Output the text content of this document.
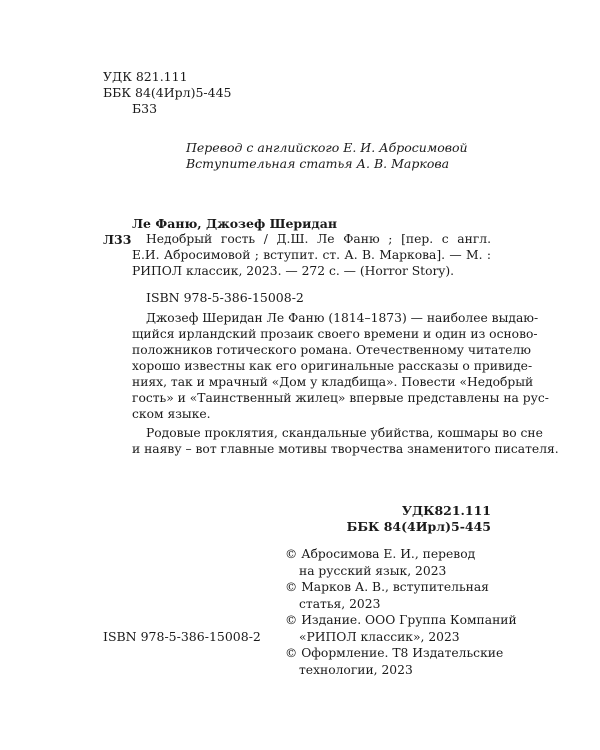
УДК 821.111
ББК 84(4Ирл)5-445
Б33
Перевод с английского Е. И. Абросимовой
Вступительная статья А. В. Маркова
Ле Фаню, Джозеф Шеридан
Л33	Недобрый гость / Д.Ш. Ле Фаню ; [пер. с англ.
Е.И. Абросимовой ; вступит. ст. А. В. Маркова]. — М. :
РИПОЛ классик, 2023. — 272 с. — (Horror Story).
ISBN 978-5-386-15008-2
Джозеф Шеридан Ле Фаню (1814–1873) — наиболее выдаю-
щийся ирландский прозаик своего времени и один из осново-
положников готического романа. Отечественному читателю
хорошо известны как его оригинальные рассказы о привиде-
ниях, так и мрачный «Дом у кладбища». Повести «Недобрый
гость» и «Таинственный жилец» впервые представлены на рус-
ском языке.
Родовые проклятия, скандальные убийства, кошмары во сне
и наяву – вот главные мотивы творчества знаменитого писателя.
УДК821.111
ББК 84(4Ирл)5-445
© Абросимова Е. И., перевод
на русский язык, 2023
© Марков А. В., вступительная
статья, 2023
© Издание. ООО Группа Компаний
«РИПОЛ классик», 2023
© Оформление. Т8 Издательские
технологии, 2023
ISBN 978-5-386-15008-2
